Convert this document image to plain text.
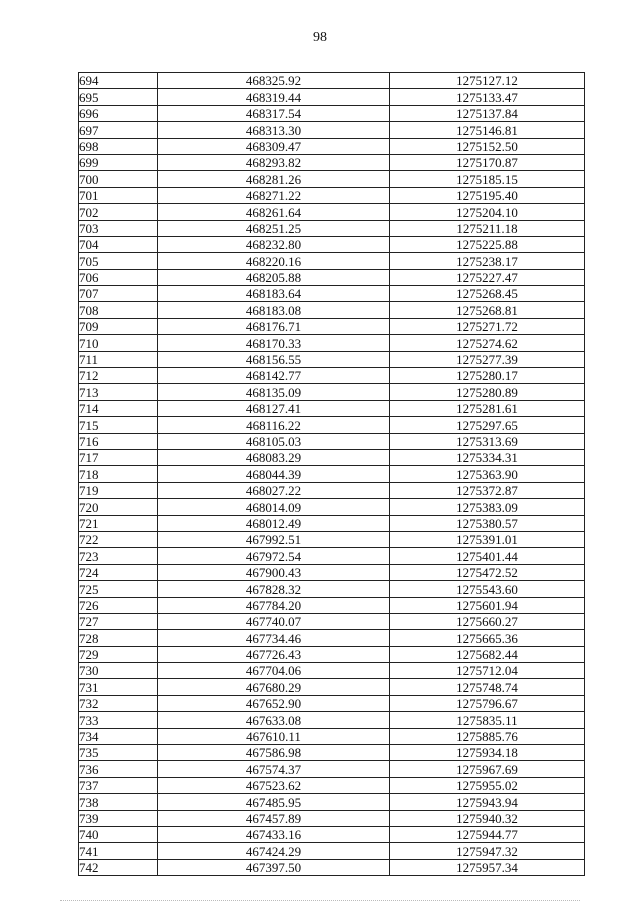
98
694	468325.92	1275127.12
695	468319.44	1275133.47
696	468317.54	1275137.84
697	468313.30	1275146.81
698	468309.47	1275152.50
699	468293.82	1275170.87
700	468281.26	1275185.15
701	468271.22	1275195.40
702	468261.64	1275204.10
703	468251.25	1275211.18
704	468232.80	1275225.88
705	468220.16	1275238.17
706	468205.88	1275227.47
707	468183.64	1275268.45
708	468183.08	1275268.81
709	468176.71	1275271.72
710	468170.33	1275274.62
711	468156.55	1275277.39
712	468142.77	1275280.17
713	468135.09	1275280.89
714	468127.41	1275281.61
715	468116.22	1275297.65
716	468105.03	1275313.69
717	468083.29	1275334.31
718	468044.39	1275363.90
719	468027.22	1275372.87
720	468014.09	1275383.09
721	468012.49	1275380.57
722	467992.51	1275391.01
723	467972.54	1275401.44
724	467900.43	1275472.52
725	467828.32	1275543.60
726	467784.20	1275601.94
727	467740.07	1275660.27
728	467734.46	1275665.36
729	467726.43	1275682.44
730	467704.06	1275712.04
731	467680.29	1275748.74
732	467652.90	1275796.67
733	467633.08	1275835.11
734	467610.11	1275885.76
735	467586.98	1275934.18
736	467574.37	1275967.69
737	467523.62	1275955.02
738	467485.95	1275943.94
739	467457.89	1275940.32
740	467433.16	1275944.77
741	467424.29	1275947.32
742	467397.50	1275957.34
